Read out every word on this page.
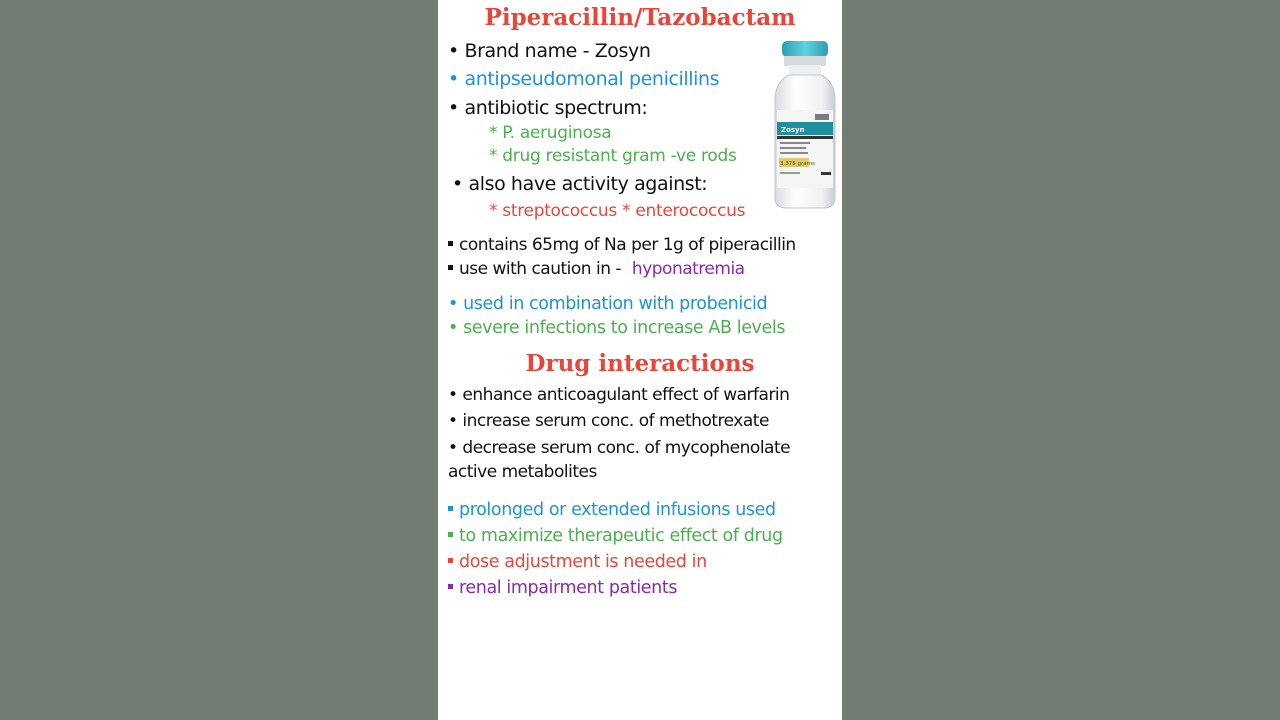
Piperacillin/Tazobactam
• Brand name - Zosyn
• antipseudomonal penicillins
• antibiotic spectrum:
* P. aeruginosa
* drug resistant gram -ve rods
• also have activity against:
* streptococcus * enterococcus
contains 65mg of Na per 1g of piperacillin
use with caution in - hyponatremia
• used in combination with probenicid
• severe infections to increase AB levels
Drug interactions
• enhance anticoagulant effect of warfarin
• increase serum conc. of methotrexate
• decrease serum conc. of mycophenolate
active metabolites
prolonged or extended infusions used
to maximize therapeutic effect of drug
dose adjustment is needed in
renal impairment patients
Zosyn
3.375 grams
